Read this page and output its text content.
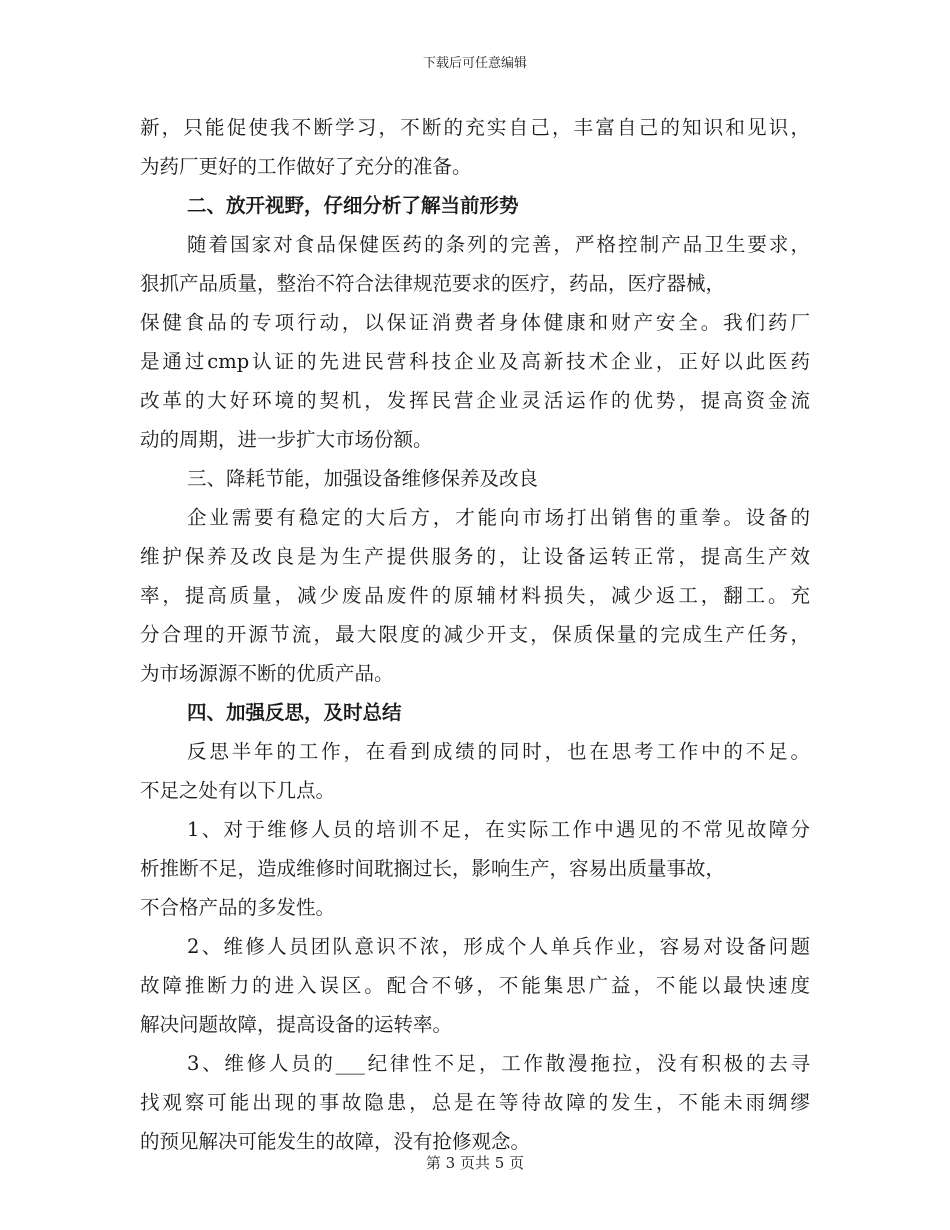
下载后可任意编辑
新，只能促使我不断学习，不断的充实自己，丰富自己的知识和见识，
为药厂更好的工作做好了充分的准备。
二、放开视野，仔细分析了解当前形势
随着国家对食品保健医药的条列的完善，严格控制产品卫生要求，
狠抓产品质量，整治不符合法律规范要求的医疗，药品，医疗器械，
保健食品的专项行动，以保证消费者身体健康和财产安全。我们药厂
是通过cmp认证的先进民营科技企业及高新技术企业，正好以此医药
改革的大好环境的契机，发挥民营企业灵活运作的优势，提高资金流
动的周期，进一步扩大市场份额。
三、降耗节能，加强设备维修保养及改良
企业需要有稳定的大后方，才能向市场打出销售的重拳。设备的
维护保养及改良是为生产提供服务的，让设备运转正常，提高生产效
率，提高质量，减少废品废件的原辅材料损失，减少返工，翻工。充
分合理的开源节流，最大限度的减少开支，保质保量的完成生产任务，
为市场源源不断的优质产品。
四、加强反思，及时总结
反思半年的工作，在看到成绩的同时，也在思考工作中的不足。
不足之处有以下几点。
1、对于维修人员的培训不足，在实际工作中遇见的不常见故障分
析推断不足，造成维修时间耽搁过长，影响生产，容易出质量事故，
不合格产品的多发性。
2、维修人员团队意识不浓，形成个人单兵作业，容易对设备问题
故障推断力的进入误区。配合不够，不能集思广益，不能以最快速度
解决问题故障，提高设备的运转率。
3、维修人员的___纪律性不足，工作散漫拖拉，没有积极的去寻
找观察可能出现的事故隐患，总是在等待故障的发生，不能未雨绸缪
的预见解决可能发生的故障，没有抢修观念。
第 3 页共 5 页
